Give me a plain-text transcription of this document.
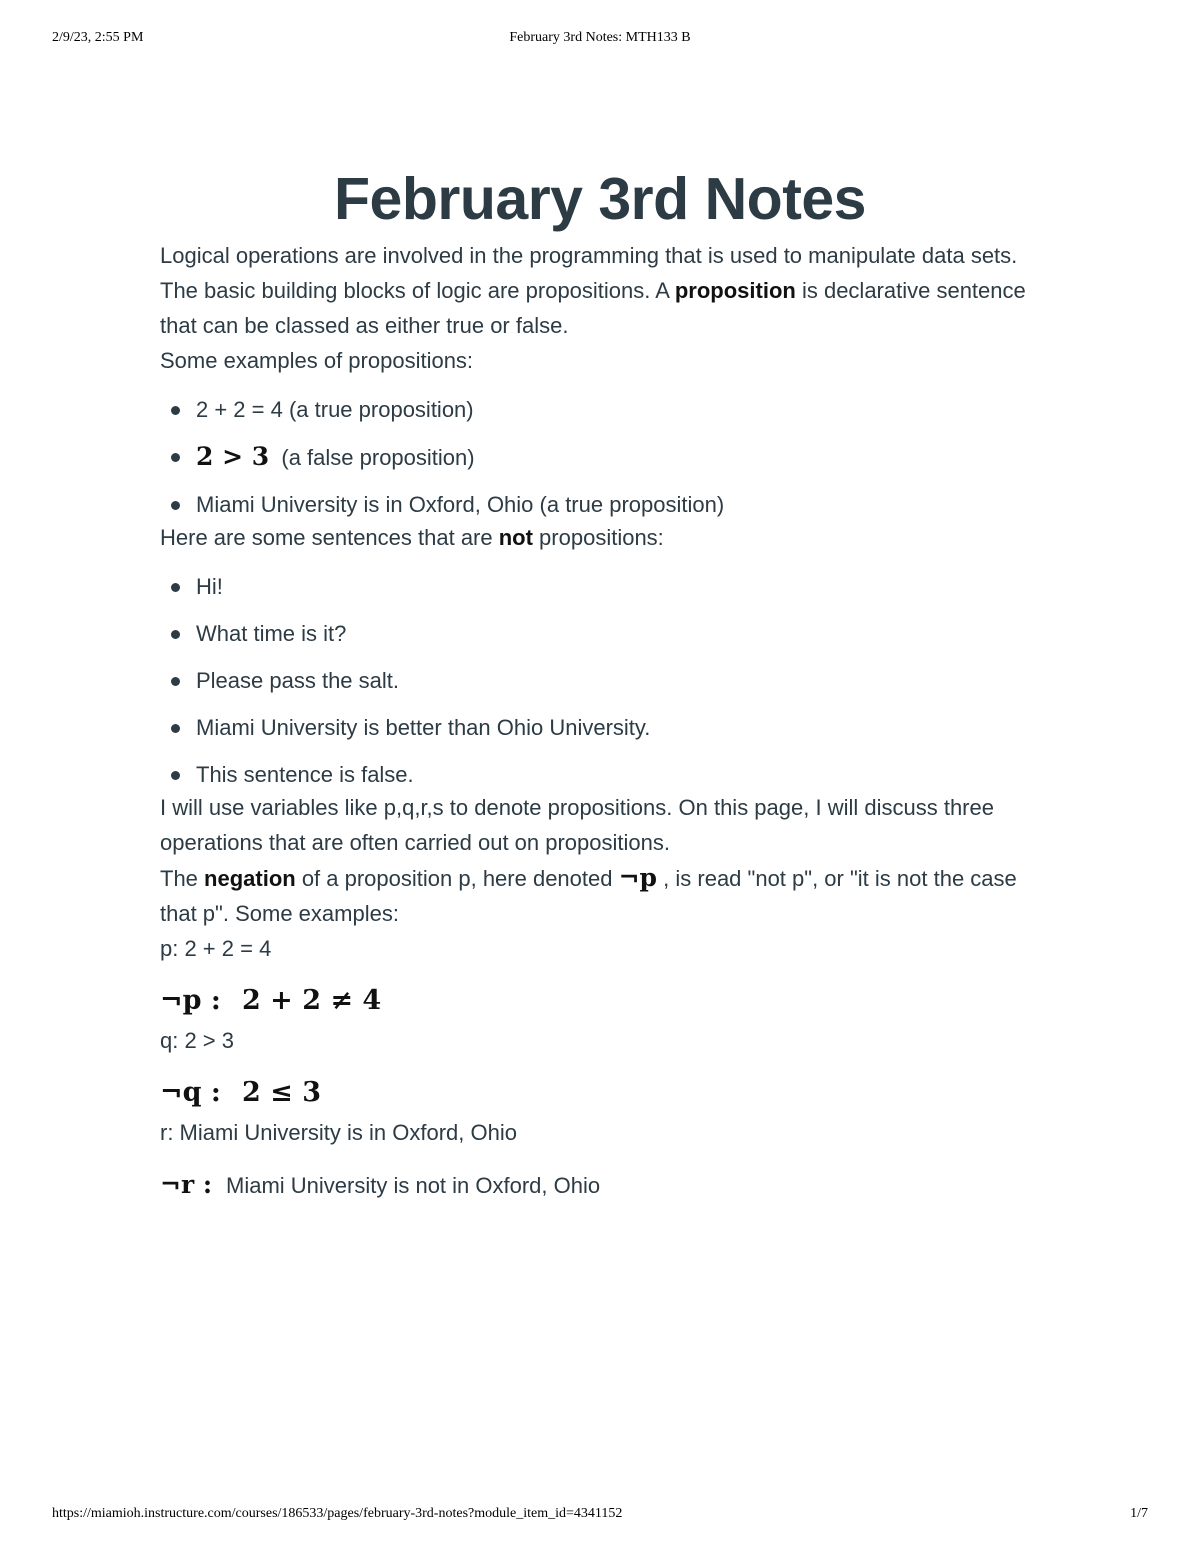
2/9/23, 2:55 PM	February 3rd Notes: MTH133 B
February 3rd Notes

Logical operations are involved in the programming that is used to manipulate data sets. The basic building blocks of logic are propositions. A proposition is declarative sentence that can be classed as either true or false.

Some examples of propositions:

2 + 2 = 4 (a true proposition)
2 > 3  (a false proposition)
Miami University is in Oxford, Ohio (a true proposition)

Here are some sentences that are not propositions:

Hi!
What time is it?
Please pass the salt.
Miami University is better than Ohio University.
This sentence is false.

I will use variables like p,q,r,s to denote propositions. On this page, I will discuss three operations that are often carried out on propositions.

The negation of a proposition p, here denoted ¬p , is read "not p", or "it is not the case that p". Some examples:

p: 2 + 2 = 4

¬p : 2 + 2 ≠ 4

q: 2 > 3

¬q : 2 ≤ 3

r: Miami University is in Oxford, Ohio

¬r : Miami University is not in Oxford, Ohio

https://miamioh.instructure.com/courses/186533/pages/february-3rd-notes?module_item_id=4341152	1/7
